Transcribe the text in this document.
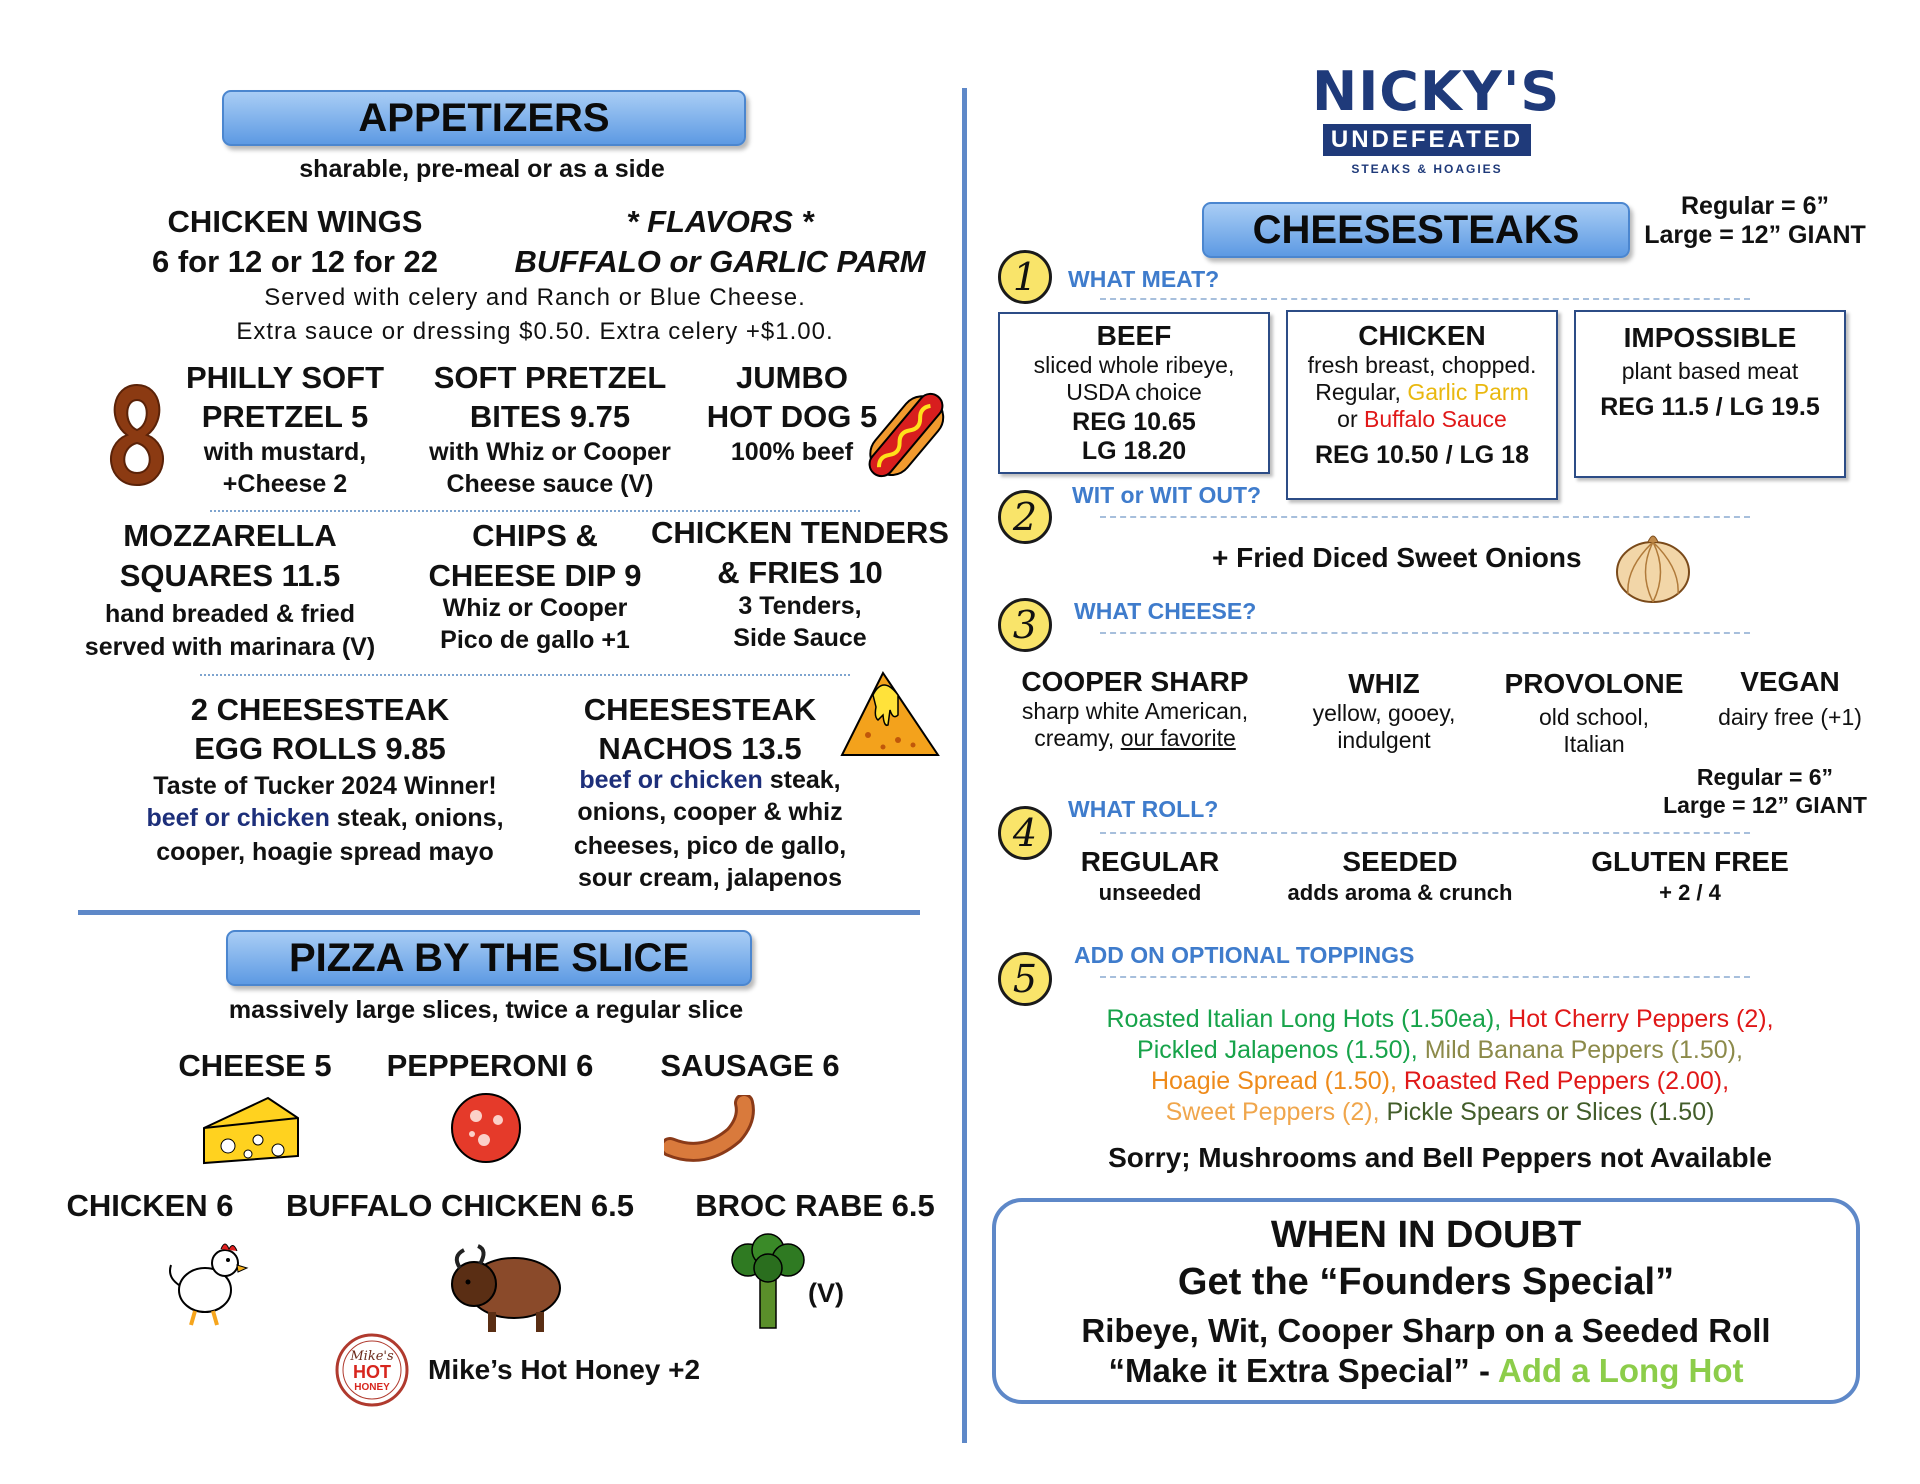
APPETIZERS
sharable, pre-meal or as a side
CHICKEN WINGS
6 for 12 or 12 for 22
* FLAVORS *
BUFFALO or GARLIC PARM
Served with celery and Ranch or Blue Cheese.
Extra sauce or dressing $0.50. Extra celery +$1.00.
PHILLY SOFT
PRETZEL 5
with mustard,
+Cheese 2
SOFT PRETZEL
BITES 9.75
with Whiz or Cooper
Cheese sauce (V)
JUMBO
HOT DOG 5
100% beef
MOZZARELLA
SQUARES 11.5
hand breaded & fried
served with marinara (V)
CHIPS &
CHEESE DIP 9
Whiz or Cooper
Pico de gallo +1
CHICKEN TENDERS
& FRIES 10
3 Tenders,
Side Sauce
2 CHEESESTEAK
EGG ROLLS 9.85
Taste of Tucker 2024 Winner!
beef or chicken steak, onions,
cooper, hoagie spread mayo
CHEESESTEAK
NACHOS 13.5
beef or chicken steak,
onions, cooper & whiz
cheeses, pico de gallo,
sour cream, jalapenos
PIZZA BY THE SLICE
massively large slices, twice a regular slice
CHEESE 5	PEPPERONI 6	SAUSAGE 6
CHICKEN 6	BUFFALO CHICKEN 6.5	BROC RABE 6.5
(V)
Mike's
HOT
HONEY
Mike’s Hot Honey +2
NICKY'S
UNDEFEATED
STEAKS & HOAGIES
CHEESESTEAKS
Regular = 6”
Large = 12” GIANT
1	WHAT MEAT?
BEEF
sliced whole ribeye,
USDA choice
REG 10.65
LG 18.20
CHICKEN
fresh breast, chopped.
Regular, Garlic Parm
or Buffalo Sauce
REG 10.50 / LG 18
IMPOSSIBLE
plant based meat
REG 11.5 / LG 19.5
2	WIT or WIT OUT?
+ Fried Diced Sweet Onions
3	WHAT CHEESE?
COOPER SHARP
sharp white American,
creamy, our favorite
WHIZ
yellow, gooey,
indulgent
PROVOLONE
old school,
Italian
VEGAN
dairy free (+1)
Regular = 6”
Large = 12” GIANT
4
WHAT ROLL?
REGULAR
unseeded
SEEDED
adds aroma & crunch
GLUTEN FREE
+ 2 / 4
5
ADD ON OPTIONAL TOPPINGS
Roasted Italian Long Hots (1.50ea), Hot Cherry Peppers (2),
Pickled Jalapenos (1.50), Mild Banana Peppers (1.50),
Hoagie Spread (1.50), Roasted Red Peppers (2.00),
Sweet Peppers (2), Pickle Spears or Slices (1.50)
Sorry; Mushrooms and Bell Peppers not Available
WHEN IN DOUBT
Get the “Founders Special”
Ribeye, Wit, Cooper Sharp on a Seeded Roll
“Make it Extra Special” - Add a Long Hot
